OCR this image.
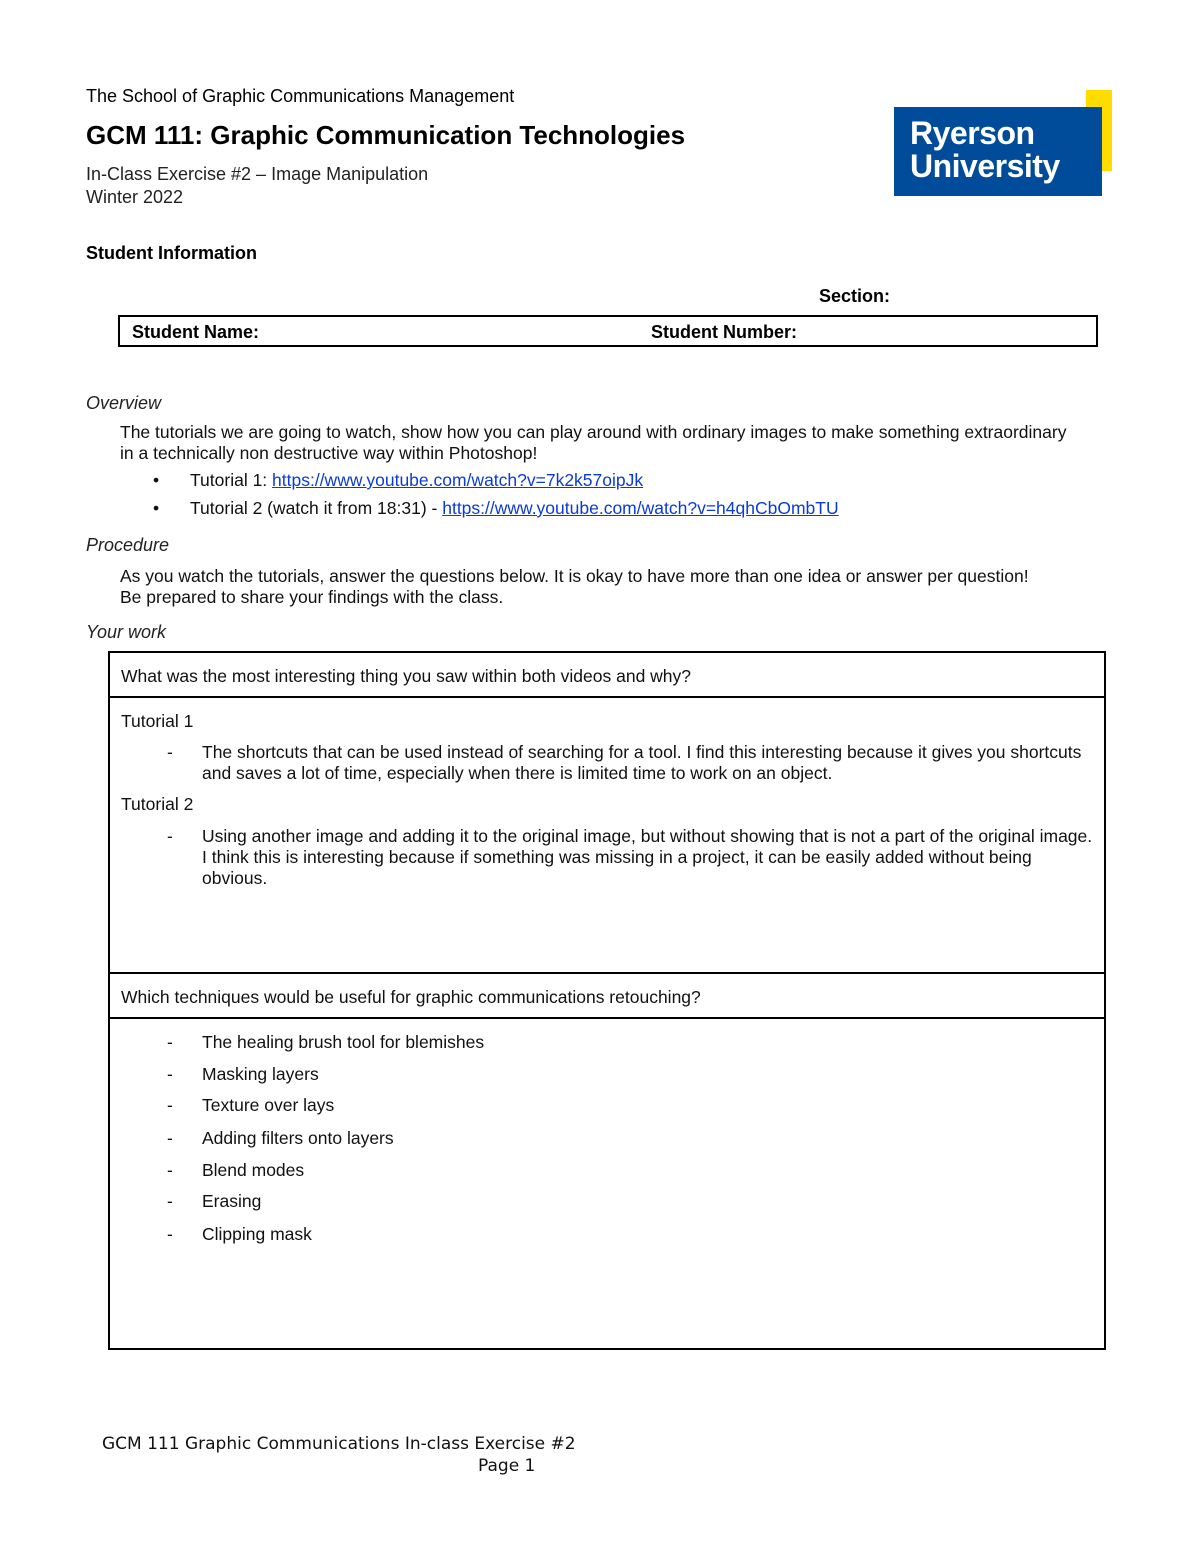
The School of Graphic Communications Management
GCM 111: Graphic Communication Technologies
In-Class Exercise #2 – Image Manipulation
Winter 2022
Ryerson
University
Student Information
Section:
Student Name:	Student Number:
Overview
The tutorials we are going to watch, show how you can play around with ordinary images to make something extraordinary
in a technically non destructive way within Photoshop!
• Tutorial 1: https://www.youtube.com/watch?v=7k2k57oipJk
• Tutorial 2 (watch it from 18:31) - https://www.youtube.com/watch?v=h4qhCbOmbTU
Procedure
As you watch the tutorials, answer the questions below. It is okay to have more than one idea or answer per question!
Be prepared to share your findings with the class.
Your work
What was the most interesting thing you saw within both videos and why?
Tutorial 1
- The shortcuts that can be used instead of searching for a tool. I find this interesting because it gives you shortcuts
and saves a lot of time, especially when there is limited time to work on an object.
Tutorial 2
- Using another image and adding it to the original image, but without showing that is not a part of the original image.
I think this is interesting because if something was missing in a project, it can be easily added without being
obvious.
Which techniques would be useful for graphic communications retouching?
- The healing brush tool for blemishes
- Masking layers
- Texture over lays
- Adding filters onto layers
- Blend modes
- Erasing
- Clipping mask
GCM 111 Graphic Communications In-class Exercise #2
Page 1
